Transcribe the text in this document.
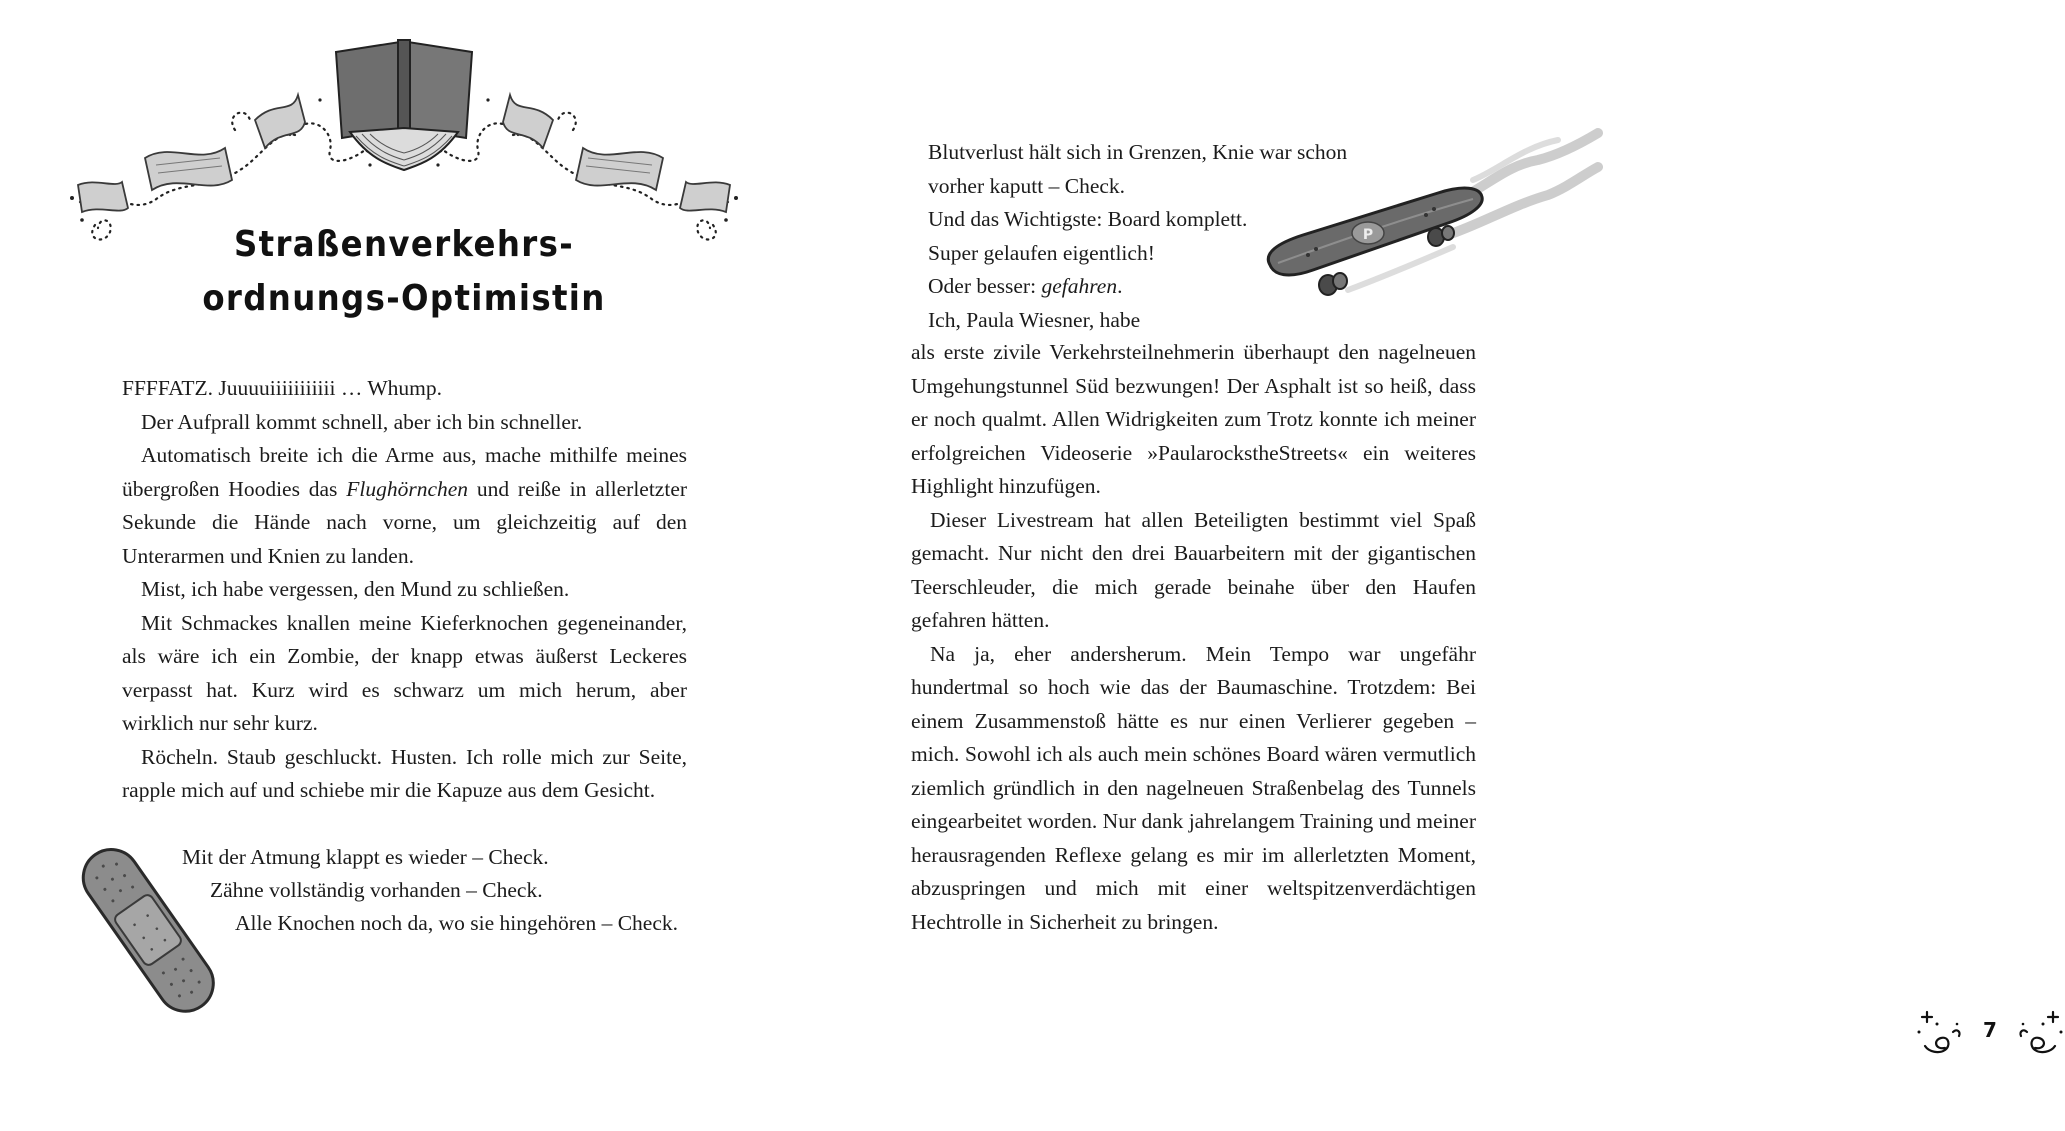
Straßenverkehrs-
ordnungs-Optimistin

FFFFATZ. Juuuuiiiiiiiiiii … Whump.

Der Aufprall kommt schnell, aber ich bin schneller.

Automatisch breite ich die Arme aus, mache mithilfe meines übergroßen Hoodies das Flughörnchen und reiße in allerletzter Sekunde die Hände nach vorne, um gleichzeitig auf den Unterarmen und Knien zu landen.

Mist, ich habe vergessen, den Mund zu schließen.

Mit Schmackes knallen meine Kieferknochen gegeneinander, als wäre ich ein Zombie, der knapp etwas äußerst Leckeres verpasst hat. Kurz wird es schwarz um mich herum, aber wirklich nur sehr kurz.

Röcheln. Staub geschluckt. Husten. Ich rolle mich zur Seite, rapple mich auf und schiebe mir die Kapuze aus dem Gesicht.

Mit der Atmung klappt es wieder – Check.
Zähne vollständig vorhanden – Check.
Alle Knochen noch da, wo sie hingehören – Check.

Blutverlust hält sich in Grenzen, Knie war schon vorher kaputt – Check.

Und das Wichtigste: Board komplett.

Super gelaufen eigentlich!

Oder besser: gefahren.

Ich, Paula Wiesner, habe

als erste zivile Verkehrsteilnehmerin überhaupt den nagelneuen Umgehungstunnel Süd bezwungen! Der Asphalt ist so heiß, dass er noch qualmt. Allen Widrigkeiten zum Trotz konnte ich meiner erfolgreichen Videoserie »PaularockstheStreets« ein weiteres Highlight hinzufügen.

Dieser Livestream hat allen Beteiligten bestimmt viel Spaß gemacht. Nur nicht den drei Bauarbeitern mit der gigantischen Teerschleuder, die mich gerade beinahe über den Haufen gefahren hätten.

Na ja, eher andersherum. Mein Tempo war ungefähr hundertmal so hoch wie das der Baumaschine. Trotzdem: Bei einem Zusammenstoß hätte es nur einen Verlierer gegeben – mich. Sowohl ich als auch mein schönes Board wären vermutlich ziemlich gründlich in den nagelneuen Straßenbelag des Tunnels eingearbeitet worden. Nur dank jahrelangem Training und meiner herausragenden Reflexe gelang es mir im allerletzten Moment, abzuspringen und mich mit einer weltspitzenverdächtigen Hechtrolle in Sicherheit zu bringen.

7
P
